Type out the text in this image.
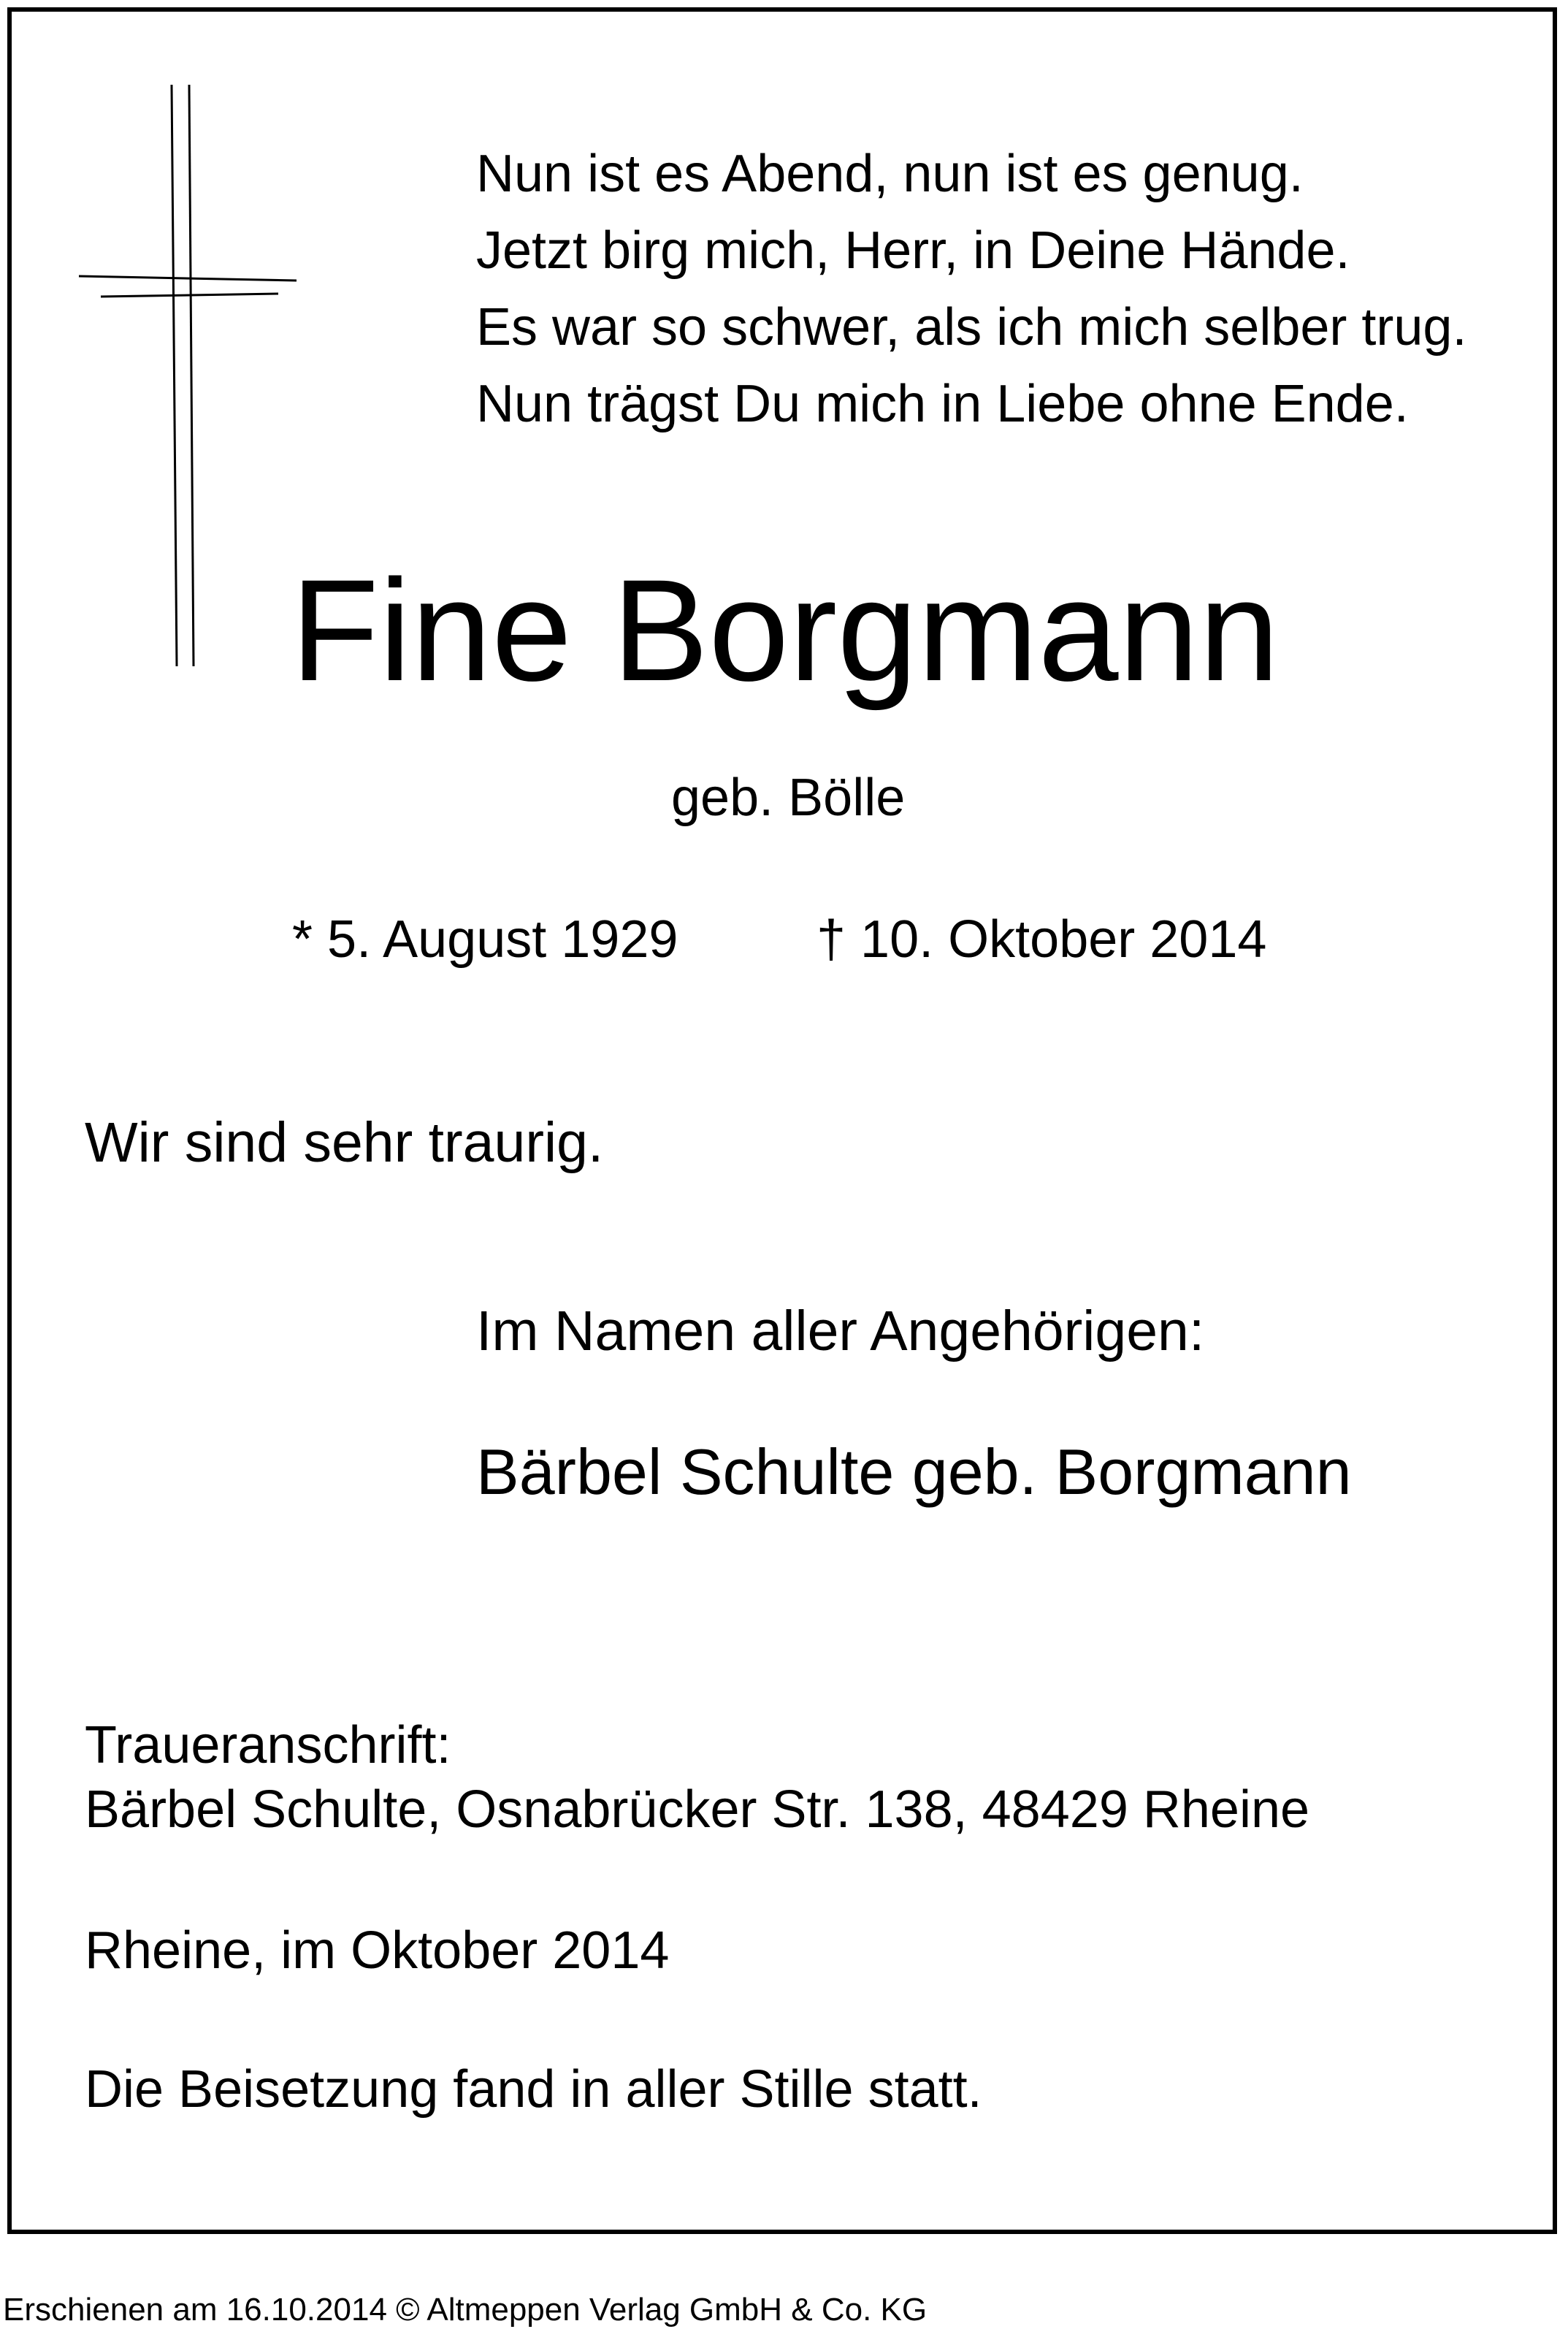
Nun ist es Abend, nun ist es genug.
Jetzt birg mich, Herr, in Deine Hände.
Es war so schwer, als ich mich selber trug.
Nun trägst Du mich in Liebe ohne Ende.
Fine Borgmann
geb. Bölle
* 5. August 1929	† 10. Oktober 2014
Wir sind sehr traurig.
Im Namen aller Angehörigen:
Bärbel Schulte geb. Borgmann
Traueranschrift:
Bärbel Schulte, Osnabrücker Str. 138, 48429 Rheine
Rheine, im Oktober 2014
Die Beisetzung fand in aller Stille statt.
Erschienen am 16.10.2014 © Altmeppen Verlag GmbH & Co. KG
